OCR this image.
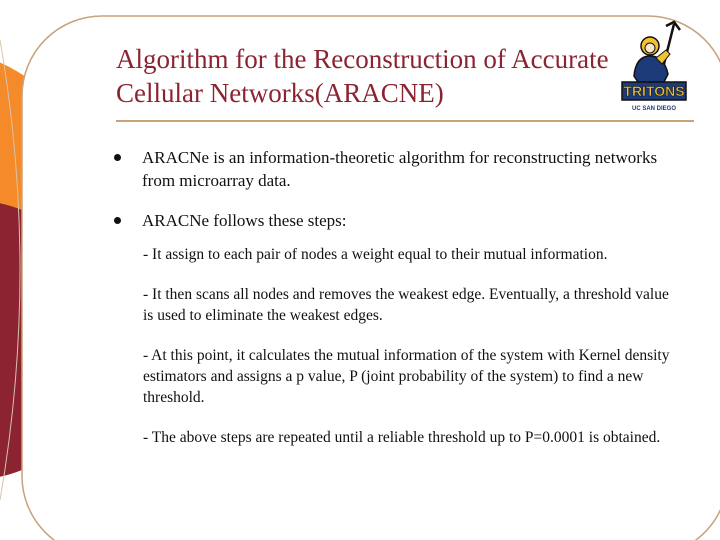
Algorithm for the Reconstruction of Accurate
Cellular Networks(ARACNE)	TRITONS
UC SAN DIEGO
ARACNe is an information-theoretic algorithm for reconstructing networks from microarray data.
ARACNe follows these steps:
- It assign to each pair of nodes a weight equal to their mutual information.
- It then scans all nodes and removes the weakest edge. Eventually, a threshold value is used to eliminate the weakest edges.
- At this point, it calculates the mutual information of the system with Kernel density estimators and assigns a p value, P (joint probability of the system) to find a new threshold.
- The above steps are repeated until a reliable threshold up to P=0.0001 is obtained.
